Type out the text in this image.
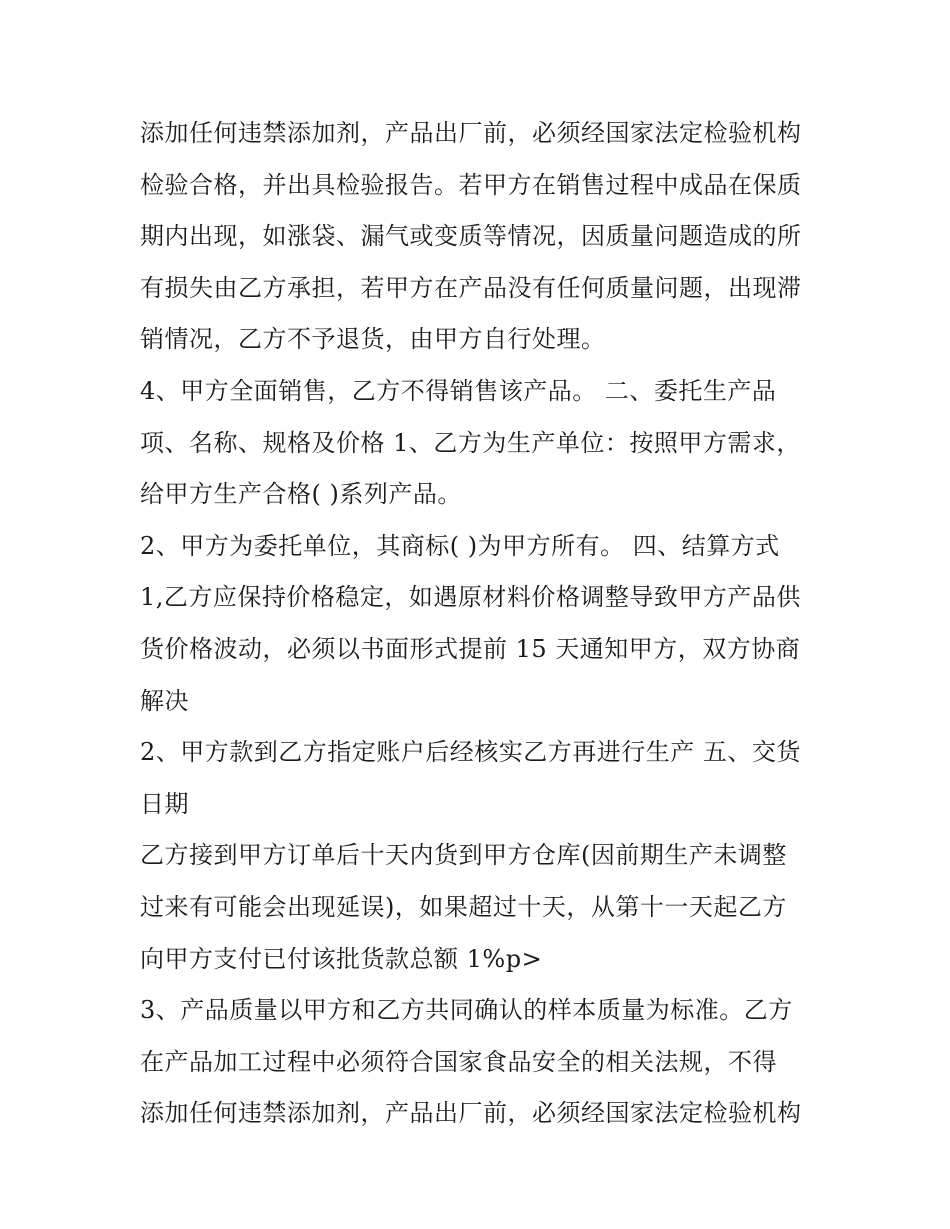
添加任何违禁添加剂，产品出厂前，必须经国家法定检验机构
检验合格，并出具检验报告。若甲方在销售过程中成品在保质
期内出现，如涨袋、漏气或变质等情况，因质量问题造成的所
有损失由乙方承担，若甲方在产品没有任何质量问题，出现滞
销情况，乙方不予退货，由甲方自行处理。
4、甲方全面销售，乙方不得销售该产品。 二、委托生产品
项、名称、规格及价格 1、乙方为生产单位：按照甲方需求，
给甲方生产合格( )系列产品。
2、甲方为委托单位，其商标( )为甲方所有。 四、结算方式
1,乙方应保持价格稳定，如遇原材料价格调整导致甲方产品供
货价格波动，必须以书面形式提前 15 天通知甲方，双方协商
解决
2、甲方款到乙方指定账户后经核实乙方再进行生产 五、交货
日期
乙方接到甲方订单后十天内货到甲方仓库(因前期生产未调整
过来有可能会出现延误)，如果超过十天，从第十一天起乙方
向甲方支付已付该批货款总额 1%p>
3、产品质量以甲方和乙方共同确认的样本质量为标准。乙方
在产品加工过程中必须符合国家食品安全的相关法规，不得
添加任何违禁添加剂，产品出厂前，必须经国家法定检验机构
